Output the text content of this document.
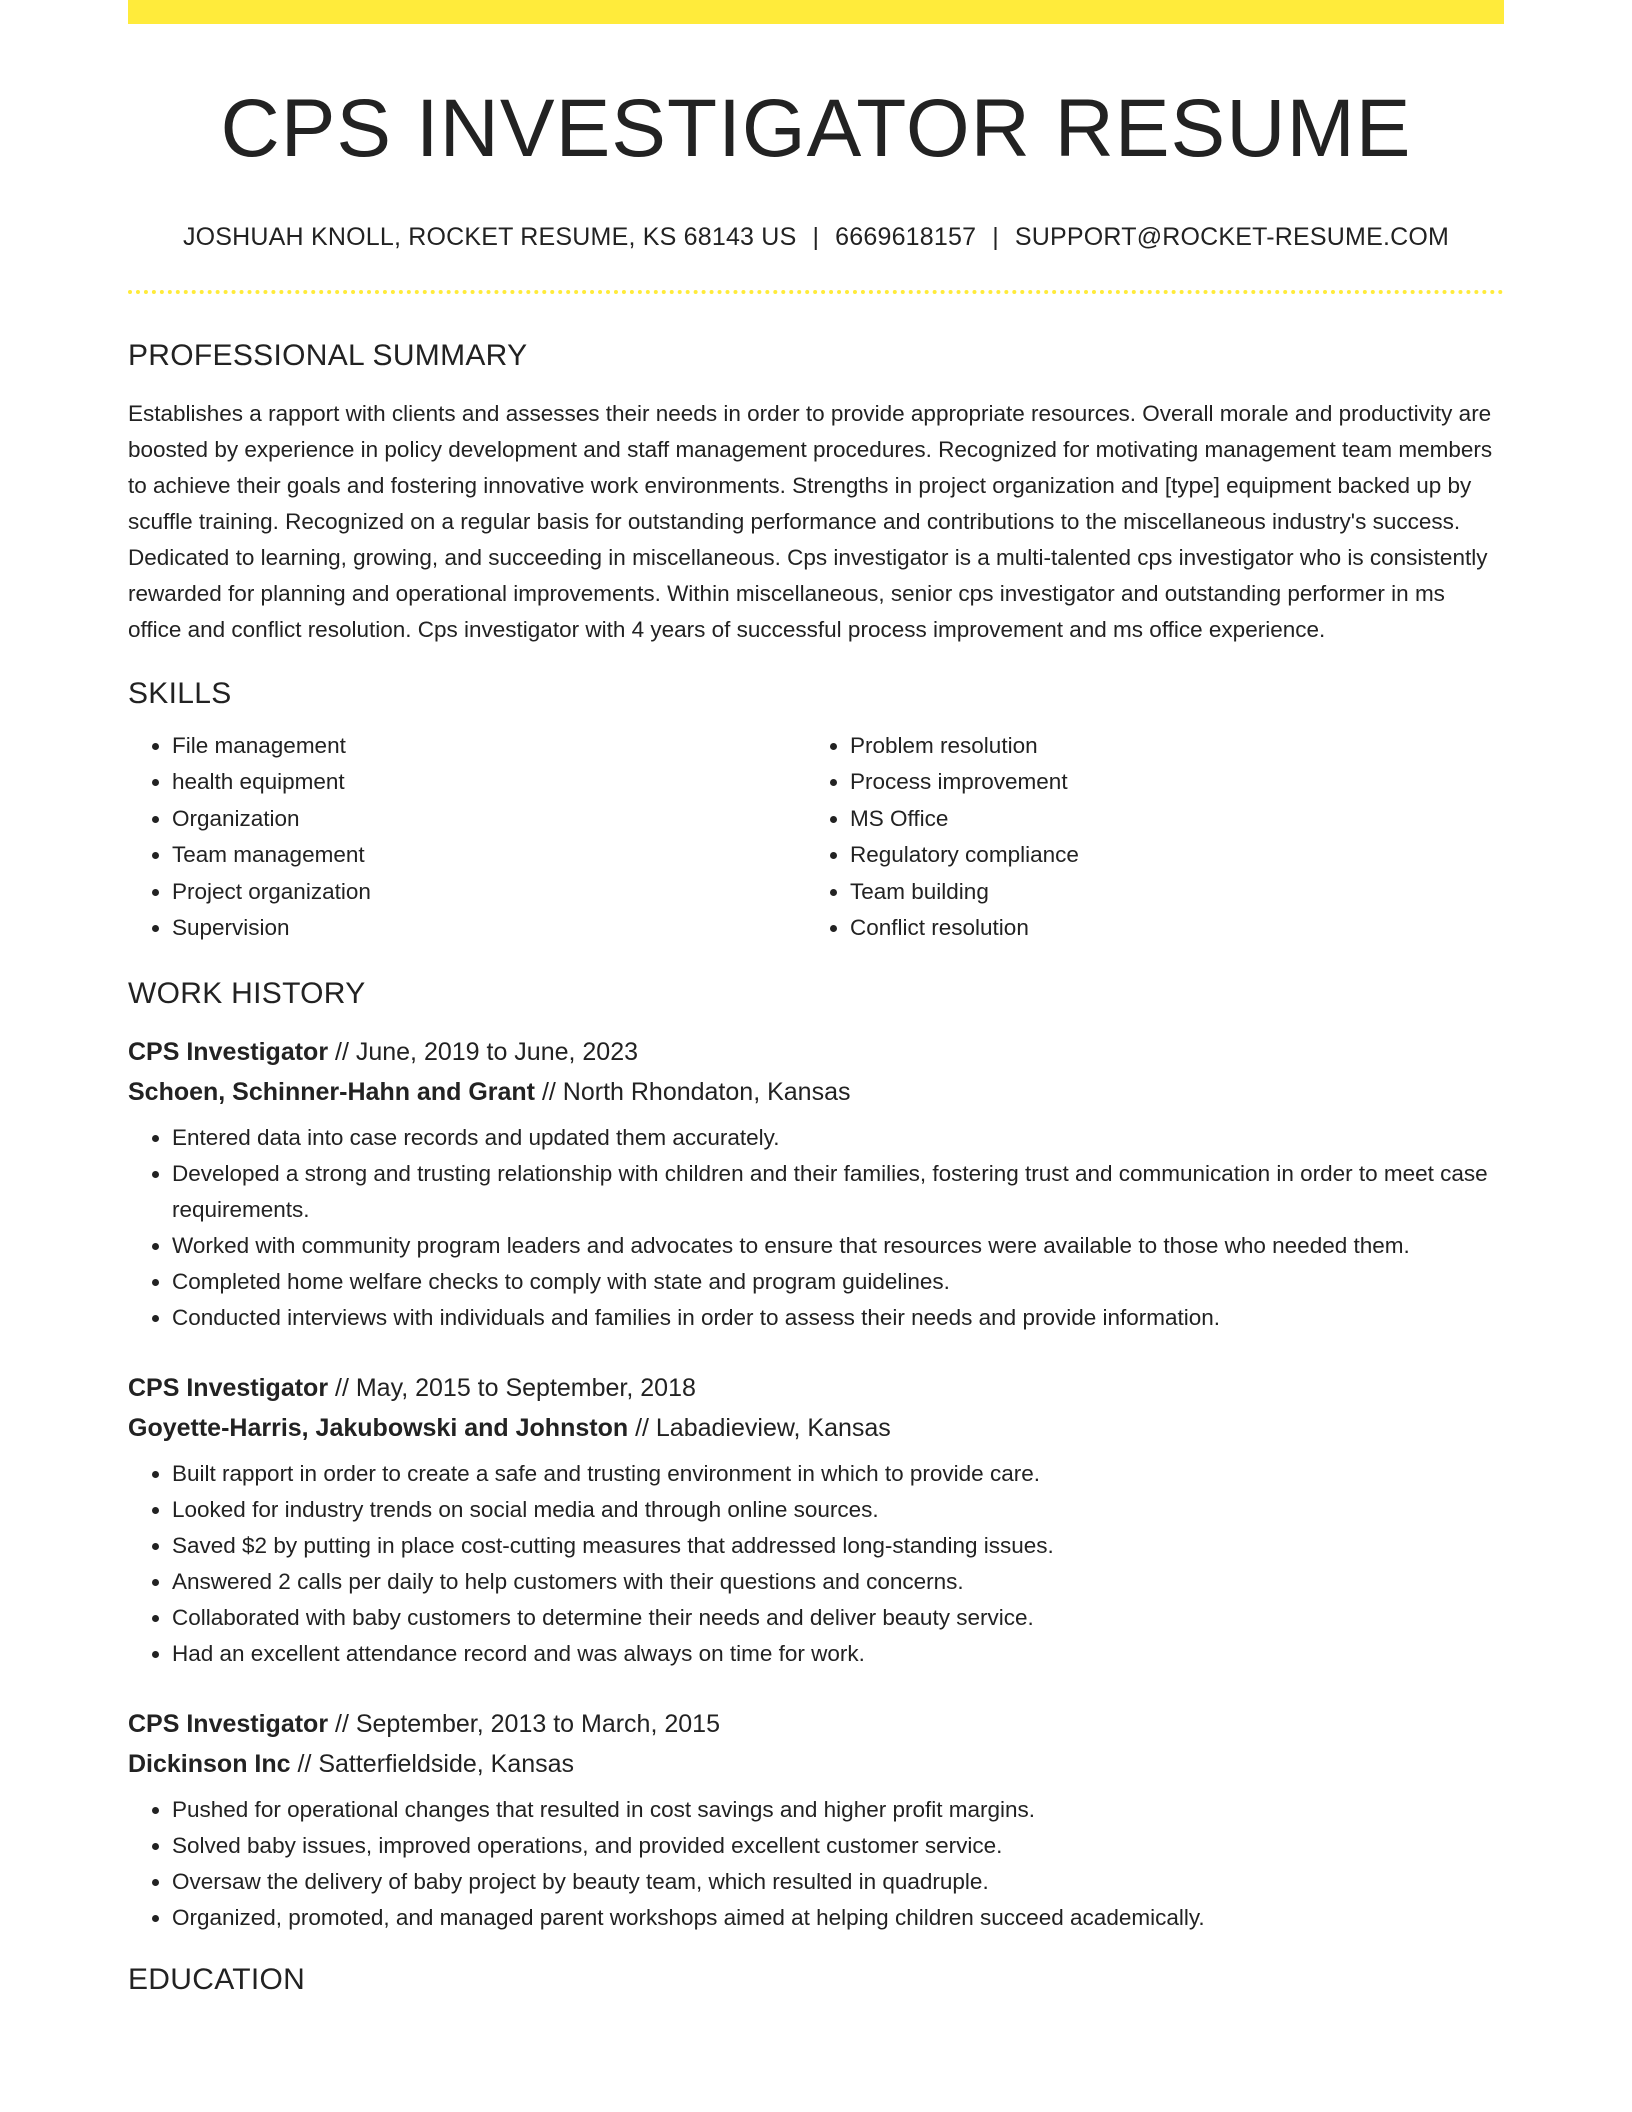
CPS INVESTIGATOR RESUME
JOSHUAH KNOLL, ROCKET RESUME, KS 68143 US | 6669618157 | SUPPORT@ROCKET-RESUME.COM
PROFESSIONAL SUMMARY

Establishes a rapport with clients and assesses their needs in order to provide appropriate resources. Overall morale and productivity are boosted by experience in policy development and staff management procedures. Recognized for motivating management team members to achieve their goals and fostering innovative work environments. Strengths in project organization and [type] equipment backed up by scuffle training. Recognized on a regular basis for outstanding performance and contributions to the miscellaneous industry's success. Dedicated to learning, growing, and succeeding in miscellaneous. Cps investigator is a multi-talented cps investigator who is consistently rewarded for planning and operational improvements. Within miscellaneous, senior cps investigator and outstanding performer in ms office and conflict resolution. Cps investigator with 4 years of successful process improvement and ms office experience.

SKILLS
• File management
• health equipment
• Organization
• Team management
• Project organization
• Supervision
• Problem resolution
• Process improvement
• MS Office
• Regulatory compliance
• Team building
• Conflict resolution
WORK HISTORY
CPS Investigator // June, 2019 to June, 2023
Schoen, Schinner-Hahn and Grant // North Rhondaton, Kansas
• Entered data into case records and updated them accurately.
• Developed a strong and trusting relationship with children and their families, fostering trust and communication in order to meet case requirements.
• Worked with community program leaders and advocates to ensure that resources were available to those who needed them.
• Completed home welfare checks to comply with state and program guidelines.
• Conducted interviews with individuals and families in order to assess their needs and provide information.
CPS Investigator // May, 2015 to September, 2018
Goyette-Harris, Jakubowski and Johnston // Labadieview, Kansas
• Built rapport in order to create a safe and trusting environment in which to provide care.
• Looked for industry trends on social media and through online sources.
• Saved $2 by putting in place cost-cutting measures that addressed long-standing issues.
• Answered 2 calls per daily to help customers with their questions and concerns.
• Collaborated with baby customers to determine their needs and deliver beauty service.
• Had an excellent attendance record and was always on time for work.
CPS Investigator // September, 2013 to March, 2015
Dickinson Inc // Satterfieldside, Kansas
• Pushed for operational changes that resulted in cost savings and higher profit margins.
• Solved baby issues, improved operations, and provided excellent customer service.
• Oversaw the delivery of baby project by beauty team, which resulted in quadruple.
• Organized, promoted, and managed parent workshops aimed at helping children succeed academically.
EDUCATION
